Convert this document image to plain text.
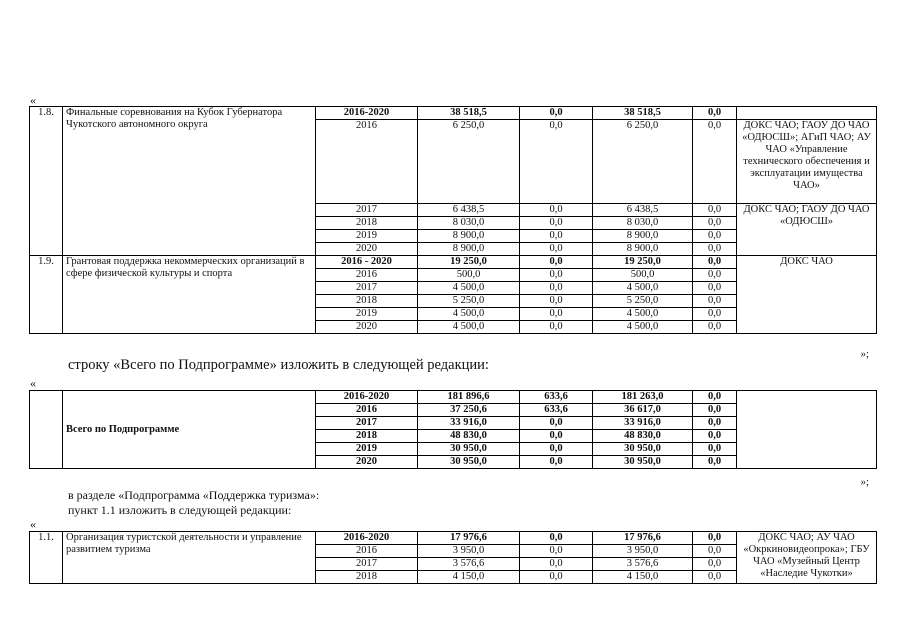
«
1.8.	Финальные соревнования на Кубок Губернатора Чукотского автономного округа	2016-2020	38 518,5	0,0	38 518,5	0,0	
		2016	6 250,0	0,0	6 250,0	0,0	ДОКС ЧАО; ГАОУ ДО ЧАО «ОДЮСШ»; АГиП ЧАО; АУ ЧАО «Управление технического обеспечения и эксплуатации имущества ЧАО»
		2017	6 438,5	0,0	6 438,5	0,0	ДОКС ЧАО; ГАОУ ДО ЧАО «ОДЮСШ»
		2018	8 030,0	0,0	8 030,0	0,0	
		2019	8 900,0	0,0	8 900,0	0,0	
		2020	8 900,0	0,0	8 900,0	0,0	
1.9.	Грантовая поддержка некоммерческих организаций в сфере физической культуры и спорта	2016 - 2020	19 250,0	0,0	19 250,0	0,0	ДОКС ЧАО
		2016	500,0	0,0	500,0	0,0	
		2017	4 500,0	0,0	4 500,0	0,0	
		2018	5 250,0	0,0	5 250,0	0,0	
		2019	4 500,0	0,0	4 500,0	0,0	
		2020	4 500,0	0,0	4 500,0	0,0	
»;
строку «Всего по Подпрограмме» изложить в следующей редакции:
«
	Всего по Подпрограмме	2016-2020	181 896,6	633,6	181 263,0	0,0	
		2016	37 250,6	633,6	36 617,0	0,0	
		2017	33 916,0	0,0	33 916,0	0,0	
		2018	48 830,0	0,0	48 830,0	0,0	
		2019	30 950,0	0,0	30 950,0	0,0	
		2020	30 950,0	0,0	30 950,0	0,0	
»;
в разделе «Подпрограмма «Поддержка туризма»:
пункт 1.1 изложить в следующей редакции:
«
1.1.	Организация туристской деятельности и управление развитием туризма	2016-2020	17 976,6	0,0	17 976,6	0,0	ДОКС ЧАО; АУ ЧАО «Окркиновидеопрока»; ГБУ ЧАО «Музейный Центр «Наследие Чукотки»
		2016	3 950,0	0,0	3 950,0	0,0	
		2017	3 576,6	0,0	3 576,6	0,0	
		2018	4 150,0	0,0	4 150,0	0,0	
